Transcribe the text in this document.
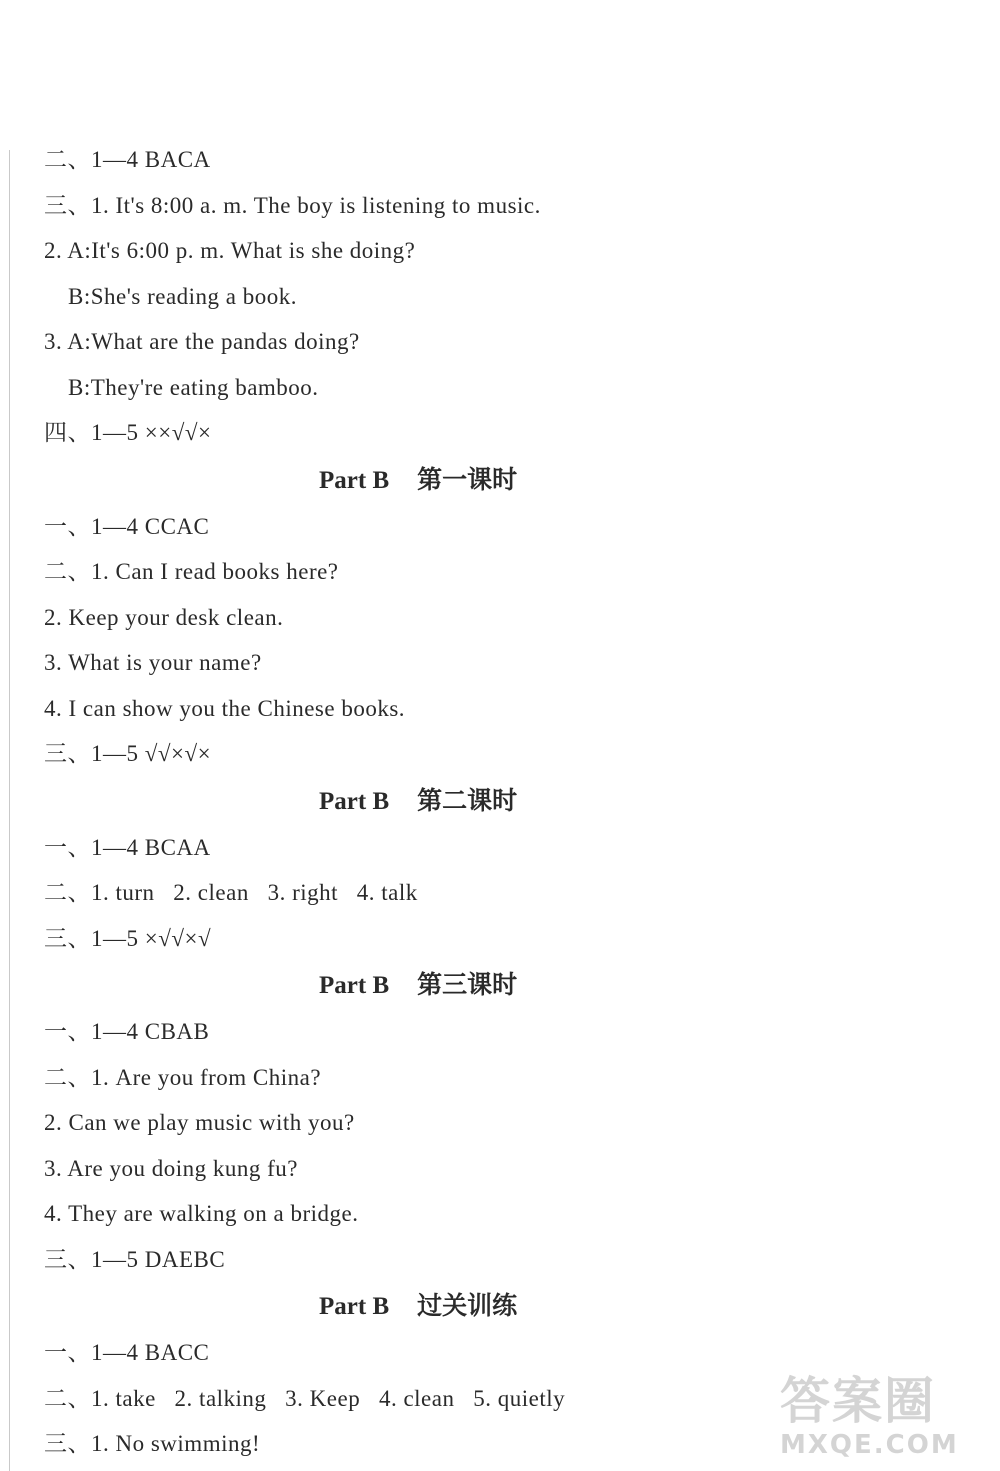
二、1—4 BACA
三、1. It's 8:00 a. m. The boy is listening to music.
2. A:It's 6:00 p. m. What is she doing?
B:She's reading a book.
3. A:What are the pandas doing?
B:They're eating bamboo.
四、1—5 ××√√×
Part B 第一课时
一、1—4 CCAC
二、1. Can I read books here?
2. Keep your desk clean.
3. What is your name?
4. I can show you the Chinese books.
三、1—5 √√×√×
Part B 第二课时
一、1—4 BCAA
二、1. turn   2. clean   3. right   4. talk
三、1—5 ×√√×√
Part B 第三课时
一、1—4 CBAB
二、1. Are you from China?
2. Can we play music with you?
3. Are you doing kung fu?
4. They are walking on a bridge.
三、1—5 DAEBC
Part B 过关训练
一、1—4 BACC
二、1. take   2. talking   3. Keep   4. clean   5. quietly
三、1. No swimming!
答案圈
MXQE.COM
